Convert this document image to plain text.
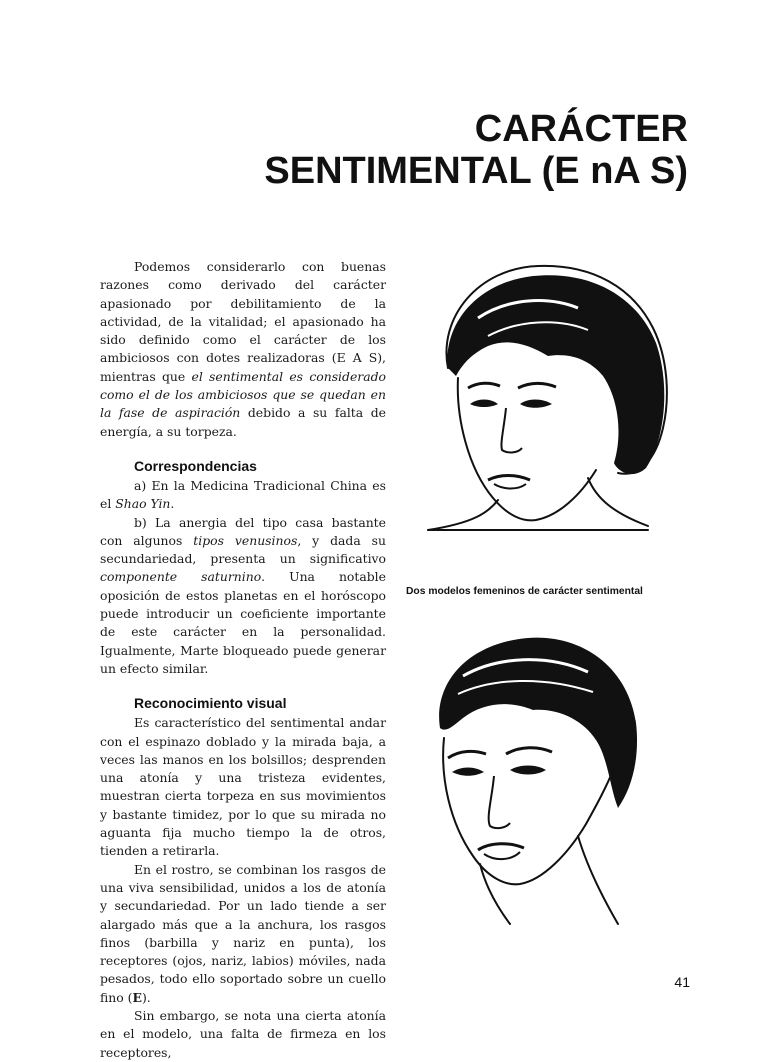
CARÁCTER
SENTIMENTAL (E nA S)

Podemos considerarlo con buenas razones como derivado del carácter apasionado por debilitamiento de la actividad, de la vitalidad; el apasionado ha sido definido como el carácter de los ambiciosos con dotes realizadoras (E A S), mientras que el sentimental es considerado como el de los ambiciosos que se quedan en la fase de aspiración debido a su falta de energía, a su torpeza.

Correspondencias

a) En la Medicina Tradicional China es el Shao Yin.

b) La anergia del tipo casa bastante con algunos tipos venusinos, y dada su secundariedad, presenta un significativo componente saturnino. Una notable oposición de estos planetas en el horóscopo puede introducir un coeficiente importante de este carácter en la personalidad. Igualmente, Marte bloqueado puede generar un efecto similar.

Reconocimiento visual

Es característico del sentimental andar con el espinazo doblado y la mirada baja, a veces las manos en los bolsillos; desprenden una atonía y una tristeza evidentes, muestran cierta torpeza en sus movimientos y bastante timidez, por lo que su mirada no aguanta fija mucho tiempo la de otros, tienden a retirarla.

En el rostro, se combinan los rasgos de una viva sensibilidad, unidos a los de atonía y secundariedad. Por un lado tiende a ser alargado más que a la anchura, los rasgos finos (barbilla y nariz en punta), los receptores (ojos, nariz, labios) móviles, nada pesados, todo ello soportado sobre un cuello fino (E).

Sin embargo, se nota una cierta atonía en el modelo, una falta de firmeza en los receptores,

Dos modelos femeninos de carácter sentimental
41
